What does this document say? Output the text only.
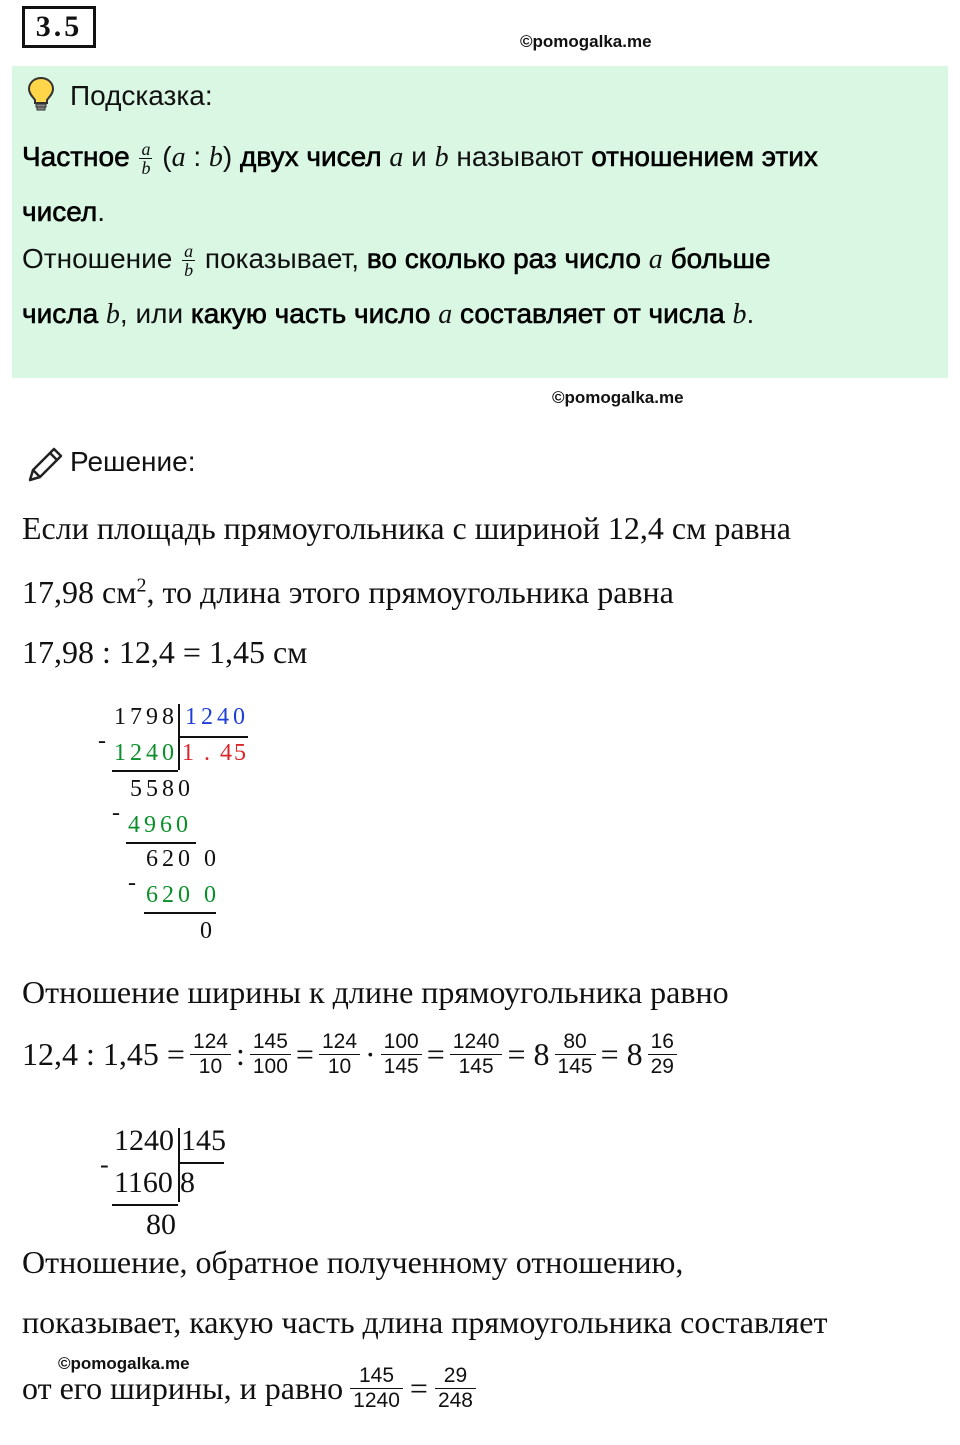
3.5	©pomogalka.me
Подсказка:
Частное $\frac{a}{b} (a$ : b) двух чисел a и b называют отношением этих
чисел.
Отношение $\frac{a}{b}$ показывает, во сколько раз число a больше
числа b, или какую часть число a составляет от числа b.
©pomogalka.me
Решение:
Если площадь прямоугольника с шириной 12,4 см равна
17,98 $см^2$, то длина этого прямоугольника равна
17,98 : 12,4 = 1,45 см
1798 1240
- 1240 1 . 45
5580
- 4960
620 0
- 620 0
0
Отношение ширины к длине прямоугольника равно
12,4 : $1,45 = \frac{124}{10}$ : $\frac{145}{100} = \frac{124}{10} \cdot \frac{100}{145} = \frac{1240}{145} = 8 \frac{80}{145} = 8$ 16
29
1240 145
-
1160 8
80
Отношение, обратное полученному отношению,
показывает, какую часть длина прямоугольника составляет
©pomogalka.me
от его ширины, и равно $\frac{145}{1240} = \frac{29}{248}$
